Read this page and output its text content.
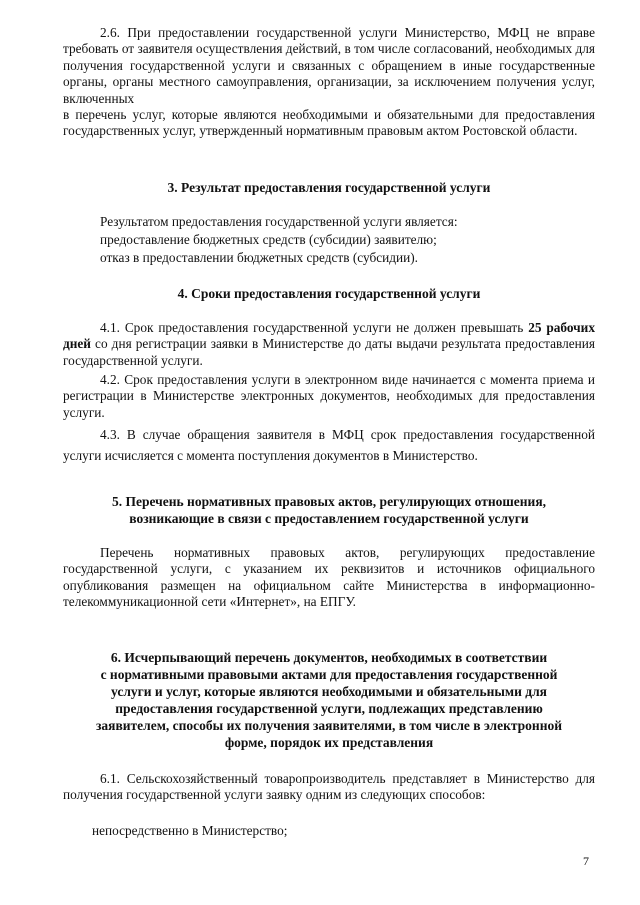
2.6. При предоставлении государственной услуги Министерство, МФЦ не вправе требовать от заявителя осуществления действий, в том числе согласований, необходимых для получения государственной услуги и связанных с обращением в иные государственные органы, органы местного самоуправления, организации, за исключением получения услуг, включенных
в перечень услуг, которые являются необходимыми и обязательными для предоставления государственных услуг, утвержденный нормативным правовым актом Ростовской области.
3. Результат предоставления государственной услуги
Результатом предоставления государственной услуги является:
предоставление бюджетных средств (субсидии) заявителю;
отказ в предоставлении бюджетных средств (субсидии).
4. Сроки предоставления государственной услуги
4.1. Срок предоставления государственной услуги не должен превышать 25 рабочих дней со дня регистрации заявки в Министерстве до даты выдачи результата предоставления государственной услуги.
4.2. Срок предоставления услуги в электронном виде начинается с момента приема и регистрации в Министерстве электронных документов, необходимых для предоставления услуги.
4.3. В случае обращения заявителя в МФЦ срок предоставления государственной услуги исчисляется с момента поступления документов в Министерство.
5. Перечень нормативных правовых актов, регулирующих отношения,
возникающие в связи с предоставлением государственной услуги
Перечень нормативных правовых актов, регулирующих предоставление государственной услуги, с указанием их реквизитов и источников официального опубликования размещен на официальном сайте Министерства в информационно-телекоммуникационной сети «Интернет», на ЕПГУ.
6. Исчерпывающий перечень документов, необходимых в соответствии
с нормативными правовыми актами для предоставления государственной
услуги и услуг, которые являются необходимыми и обязательными для
предоставления государственной услуги, подлежащих представлению
заявителем, способы их получения заявителями, в том числе в электронной
форме, порядок их представления
6.1. Сельскохозяйственный товаропроизводитель представляет в Министерство для получения государственной услуги заявку одним из следующих способов:
непосредственно в Министерство;
7
